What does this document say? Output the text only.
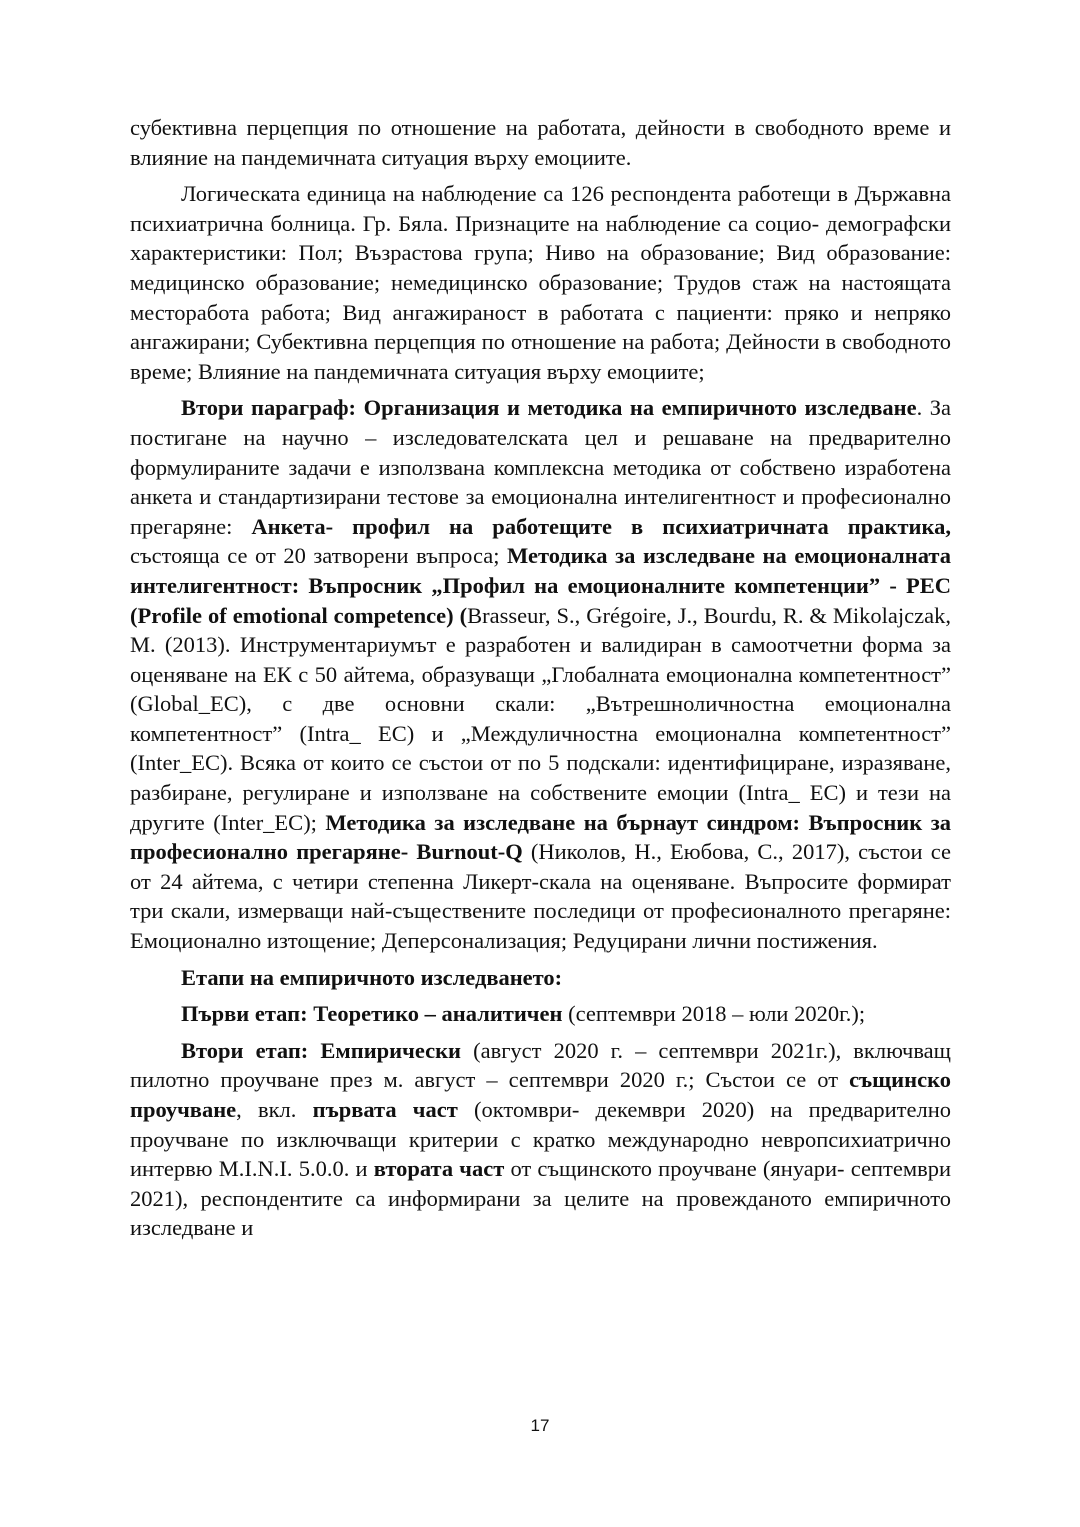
субективна перцепция по отношение на работата, дейности в свободното време и влияние на пандемичната ситуация върху емоциите.

Логическата единица на наблюдение са 126 респондента работещи в Държавна психиатрична болница. Гр. Бяла. Признаците на наблюдение са социо- демографски характеристики: Пол; Възрастова група; Ниво на образование; Вид образование: медицинско образование; немедицинско образование; Трудов стаж на настоящата месторабота работа; Вид ангажираност в работата с пациенти: пряко и непряко ангажирани; Субективна перцепция по отношение на работа; Дейности в свободното време; Влияние на пандемичната ситуация върху емоциите;

Втори параграф: Организация и методика на емпиричното изследване. За постигане на научно – изследователската цел и решаване на предварително формулираните задачи е използвана комплексна методика от собствено изработена анкета и стандартизирани тестове за емоционална интелигентност и професионално прегаряне: Анкета- профил на работещите в психиатричната практика, състояща се от 20 затворени въпроса; Методика за изследване на емоционалната интелигентност: Въпросник „Профил на емоционалните компетенции” - PEC (Profile of emotional competence) (Brasseur, S., Grégoire, J., Bourdu, R. & Mikolajczak, M. (2013). Инструментариумът е разработен и валидиран в самоотчетни форма за оценяване на ЕК с 50 айтема, образуващи „Глобалната емоционална компетентност” (Global_EC), с две основни скали: „Вътрешноличностна емоционална компетентност” (Intra_ EC) и „Междуличностна емоционална компетентност” (Inter_EC). Всяка от които се състои от по 5 подскали: идентифициране, изразяване, разбиране, регулиране и използване на собствените емоции (Intra_ EC) и тези на другите (Inter_EC); Методика за изследване на бърнаут синдром: Въпросник за професионално прегаряне- Burnout-Q (Николов, Н., Еюбова, С., 2017), състои се от 24 айтема, с четири степенна Ликерт-скала на оценяване. Въпросите формират три скали, измерващи най-съществените последици от професионалното прегаряне: Емоционално изтощение; Деперсонализация; Редуцирани лични постижения.

Етапи на емпиричното изследването:

Първи етап: Теоретико – аналитичен (септември 2018 – юли 2020г.);

Втори етап: Емпирически (август 2020 г. – септември 2021г.), включващ пилотно проучване през м. август – септември 2020 г.; Състои се от същинско проучване, вкл. първата част (октомври- декември 2020) на предварително проучване по изключващи критерии с кратко международно невропсихиатрично интервю M.I.N.I. 5.0.0. и втората част от същинското проучване (януари- септември 2021), респондентите са информирани за целите на провежданото емпиричното изследване и

17
